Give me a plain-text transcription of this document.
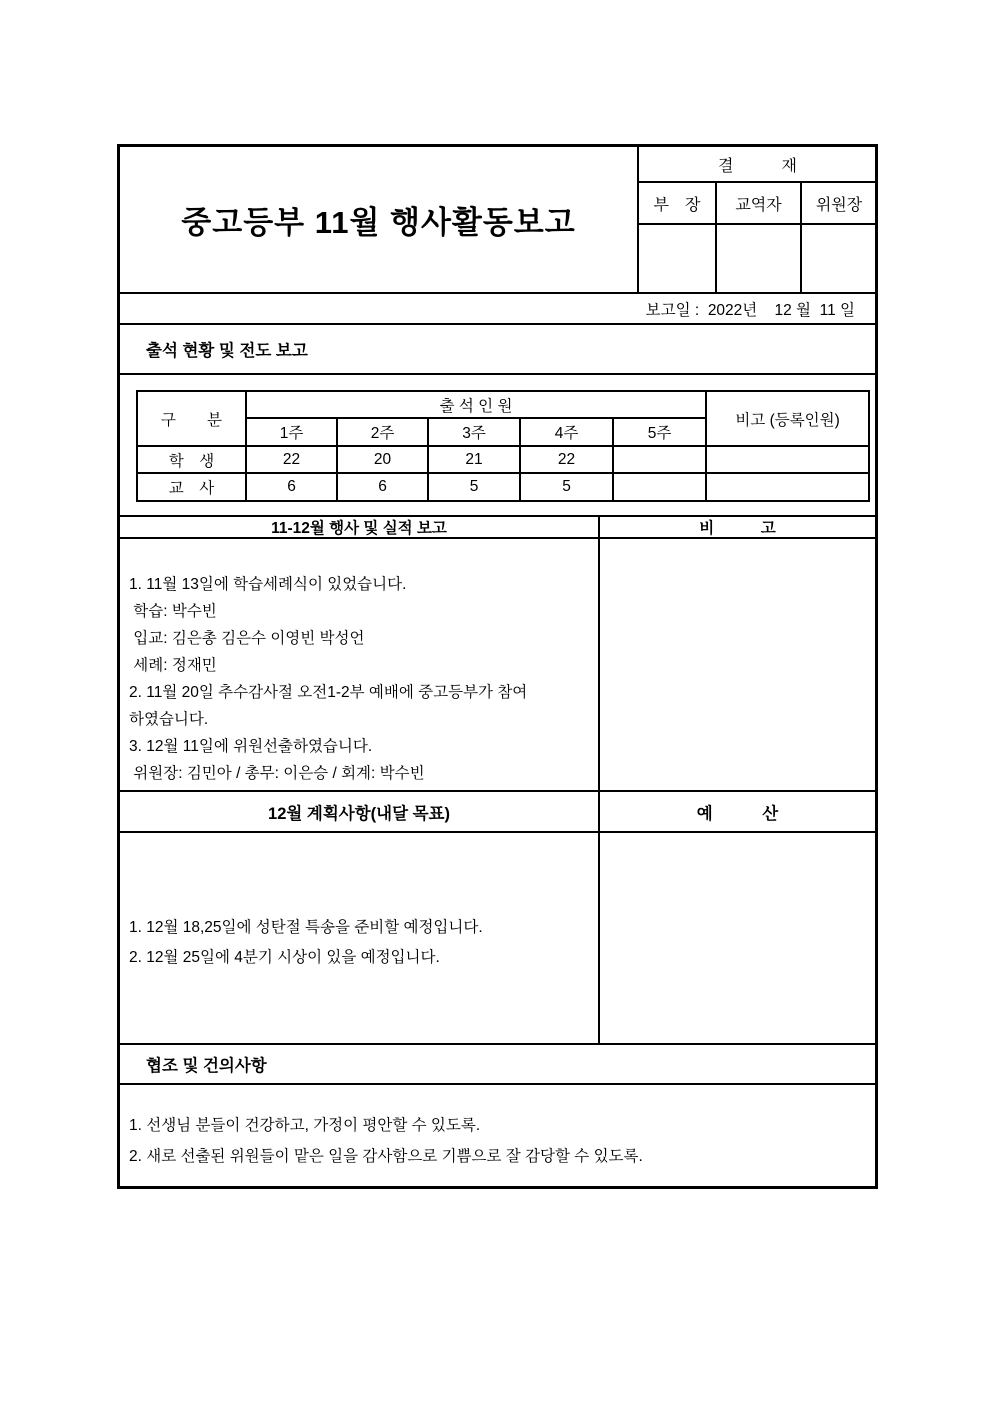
중고등부 11월 행사활동보고
결   재		
부　장	교역자	위원장

보고일 :  2022년    12 월  11 일
출석 현황 및 전도 보고
구　　분	출 석 인 원					비고 (등록인원)
	1주	2주	3주	4주	5주	
학　생	22	20	21	22		
교　사	6	6	5	5		
11-12월 행사 및 실적 보고	비   고
1. 11월 13일에 학습세례식이 있었습니다.
학습: 박수빈
입교: 김은총 김은수 이영빈 박성언
세례: 정재민
2. 11월 20일 추수감사절 오전1-2부 예배에 중고등부가 참여
하였습니다.
3. 12월 11일에 위원선출하였습니다.
위원장: 김민아 / 총무: 이은승 / 회계: 박수빈
12월 계획사항(내달 목표)	예   산
1. 12월 18,25일에 성탄절 특송을 준비할 예정입니다.
2. 12월 25일에 4분기 시상이 있을 예정입니다.
협조 및 건의사항
1. 선생님 분들이 건강하고, 가정이 평안할 수 있도록.
2. 새로 선출된 위원들이 맡은 일을 감사함으로 기쁨으로 잘 감당할 수 있도록.
